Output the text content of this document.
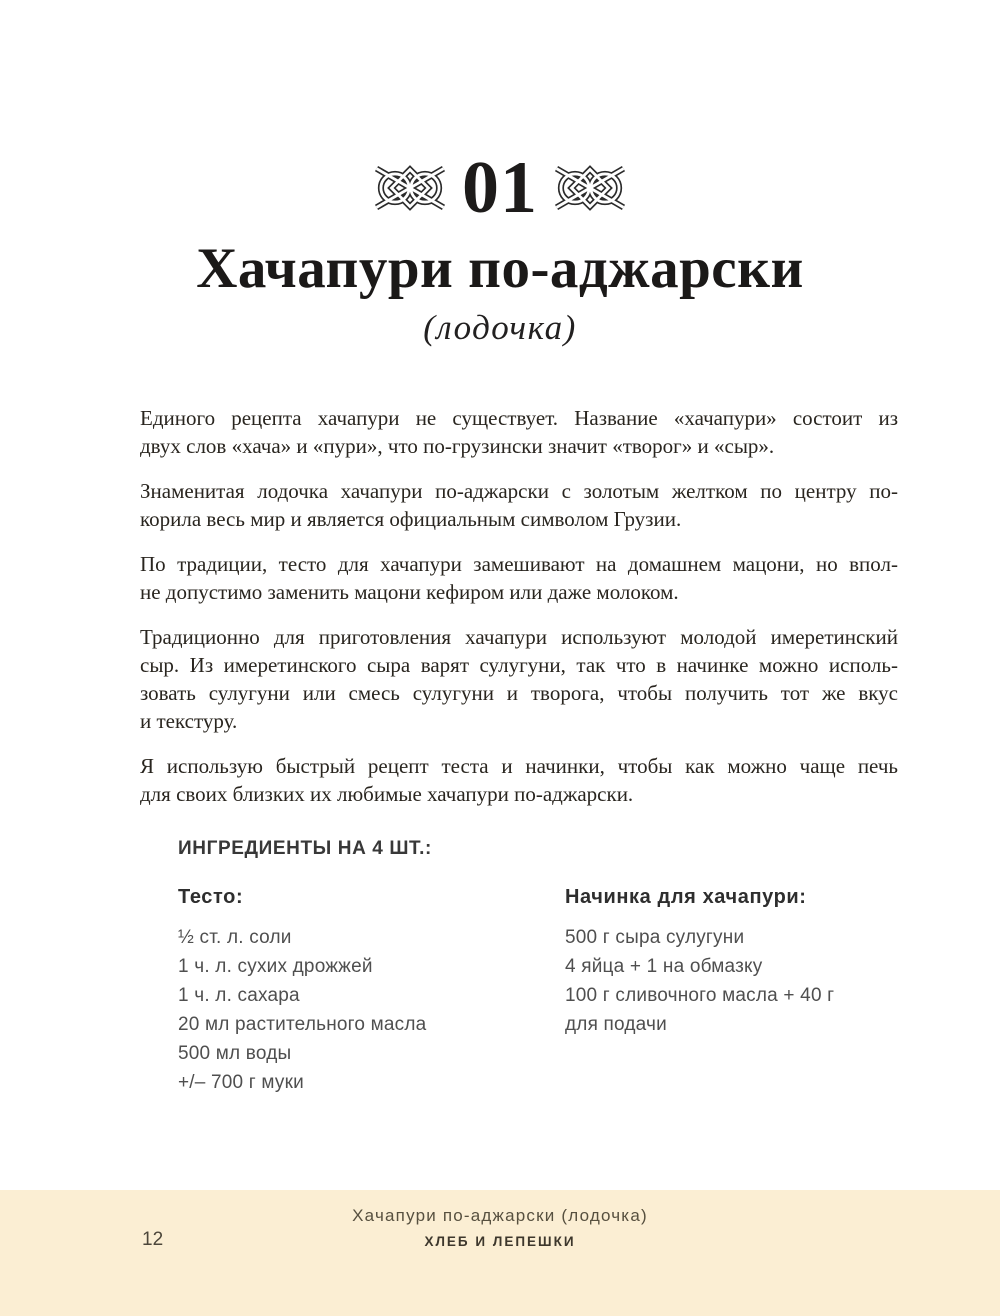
01
Хачапури по-аджарски
(лодочка)
Единого рецепта хачапури не существует. Название «хачапури» состоит из
двух слов «хача» и «пури», что по-грузински значит «творог» и «сыр».
Знаменитая лодочка хачапури по-аджарски с золотым желтком по центру по-
корила весь мир и является официальным символом Грузии.
По традиции, тесто для хачапури замешивают на домашнем мацони, но впол-
не допустимо заменить мацони кефиром или даже молоком.
Традиционно для приготовления хачапури используют молодой имеретинский
сыр. Из имеретинского сыра варят сулугуни, так что в начинке можно исполь-
зовать сулугуни или смесь сулугуни и творога, чтобы получить тот же вкус
и текстуру.
Я использую быстрый рецепт теста и начинки, чтобы как можно чаще печь
для своих близких их любимые хачапури по-аджарски.
ИНГРЕДИЕНТЫ НА 4 ШТ.:
Тесто:
½ ст. л. соли
1 ч. л. сухих дрожжей
1 ч. л. сахара
20 мл растительного масла
500 мл воды
+/– 700 г муки
Начинка для хачапури:
500 г сыра сулугуни
4 яйца + 1 на обмазку
100 г сливочного масла + 40 г
для подачи
Хачапури по-аджарски (лодочка)
ХЛЕБ И ЛЕПЕШКИ
12
